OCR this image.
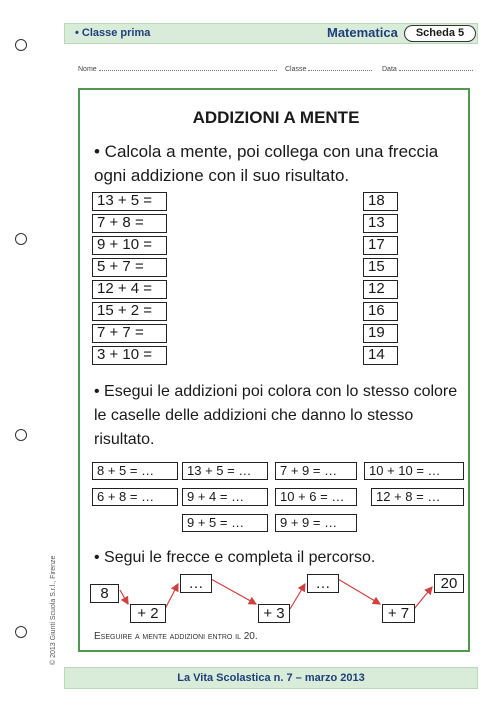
• Classe prima	Matematica	Scheda 5
Nome	Classe	Data
ADDIZIONI A MENTE
• Calcola a mente, poi collega con una freccia ogni addizione con il suo risultato.
13 + 5 =
7 + 8 =
9 + 10 =
5 + 7 =
12 + 4 =
15 + 2 =
7 + 7 =
3 + 10 =
18
13
17
15
12
16
19
14
• Esegui le addizioni poi colora con lo stesso colore le caselle delle addizioni che danno lo stesso risultato.
8 + 5 = …	13 + 5 = …	7 + 9 = …	10 + 10 = …
6 + 8 = …	9 + 4 = …	10 + 6 = …	12 + 8 = …
9 + 5 = …	9 + 9 = …
• Segui le frecce e completa il percorso.
8
+ 2
…
+ 3
…
+ 7
20
Eseguire a mente addizioni entro il 20.
© 2013 Giunti Scuola S.r.l., Firenze
La Vita Scolastica n. 7 – marzo 2013
